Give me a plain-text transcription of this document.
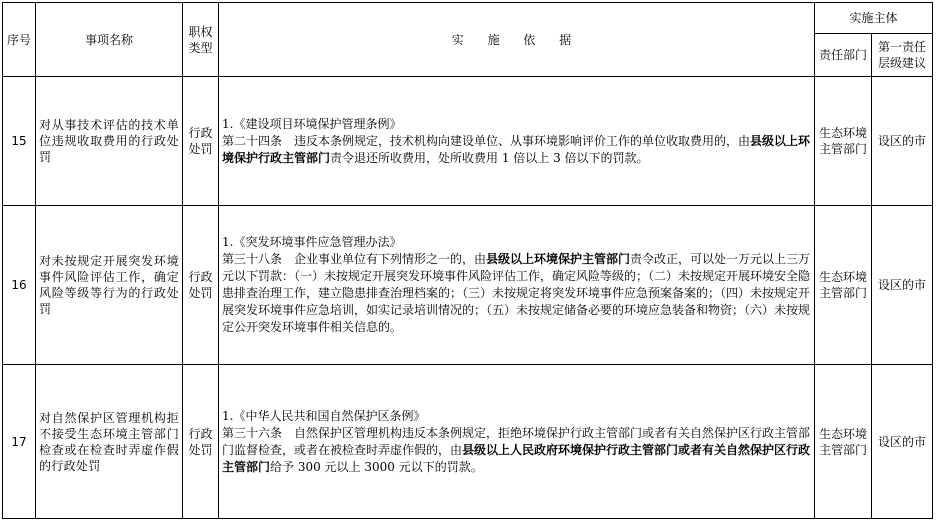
序号	事项名称	职权类型	实 施 依 据	实施主体	
				责任部门	第一责任层级建议
15	对从事技术评估的技术单位违规收取费用的行政处罚	行政处罚	1.《建设项目环境保护管理条例》
第二十四条　违反本条例规定，技术机构向建设单位、从事环境影响评价工作的单位收取费用的，由县级以上环境保护行政主管部门责令退还所收费用，处所收费用 1 倍以上 3 倍以下的罚款。	生态环境主管部门	设区的市
16	对未按规定开展突发环境事件风险评估工作，确定风险等级等行为的行政处罚	行政处罚	1.《突发环境事件应急管理办法》
第三十八条　企业事业单位有下列情形之一的，由县级以上环境保护主管部门责令改正，可以处一万元以上三万元以下罚款：（一）未按规定开展突发环境事件风险评估工作，确定风险等级的；（二）未按规定开展环境安全隐患排查治理工作，建立隐患排查治理档案的；（三）未按规定将突发环境事件应急预案备案的；（四）未按规定开展突发环境事件应急培训，如实记录培训情况的；（五）未按规定储备必要的环境应急装备和物资；（六）未按规定公开突发环境事件相关信息的。	生态环境主管部门	设区的市
17	对自然保护区管理机构拒不接受生态环境主管部门检查或在检查时弄虚作假的行政处罚	行政处罚	1.《中华人民共和国自然保护区条例》
第三十六条　自然保护区管理机构违反本条例规定，拒绝环境保护行政主管部门或者有关自然保护区行政主管部门监督检查，或者在被检查时弄虚作假的，由县级以上人民政府环境保护行政主管部门或者有关自然保护区行政主管部门给予 300 元以上 3000 元以下的罚款。	生态环境主管部门	设区的市
